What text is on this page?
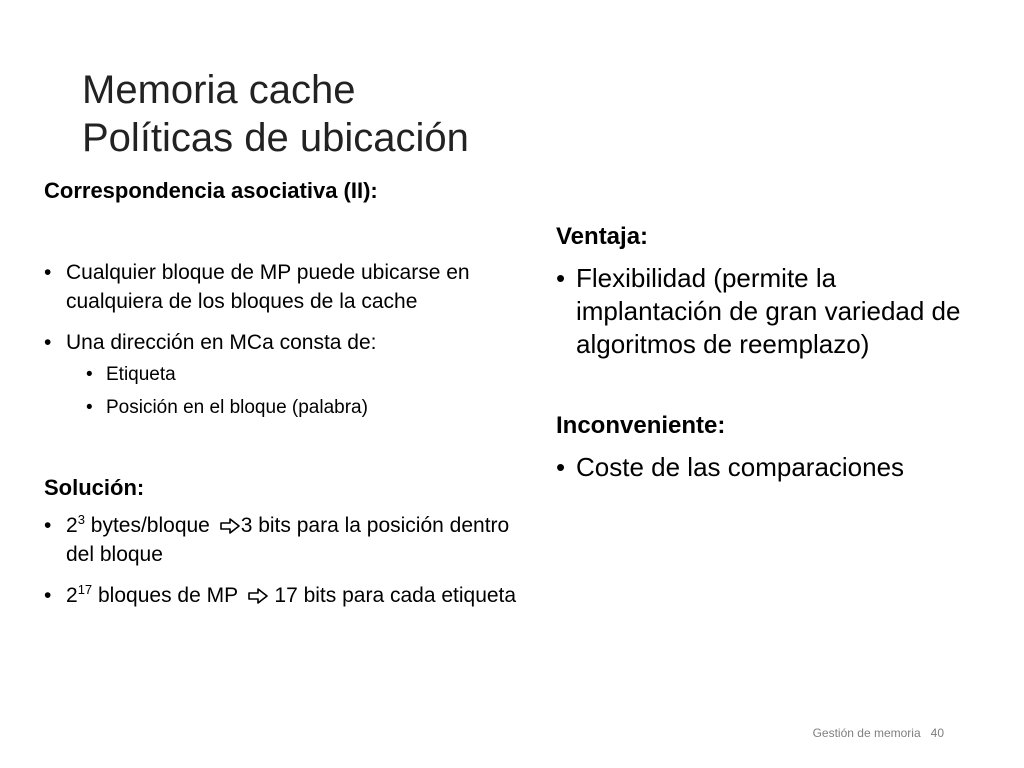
Memoria cache
Políticas de ubicación
Correspondencia asociativa (II):
• Cualquier bloque de MP puede ubicarse en cualquiera de los bloques de la cache
• Una dirección en MCa consta de:
• Etiqueta
• Posición en el bloque (palabra)
Solución:
• $2^3$ bytes/bloque 3 bits para la posición dentro del bloque
• $2^{17}$ bloques de MP  17 bits para cada etiqueta
Ventaja:
• Flexibilidad (permite la implantación de gran variedad de algoritmos de reemplazo)
Inconveniente:
• Coste de las comparaciones
Gestión de memoria 40
